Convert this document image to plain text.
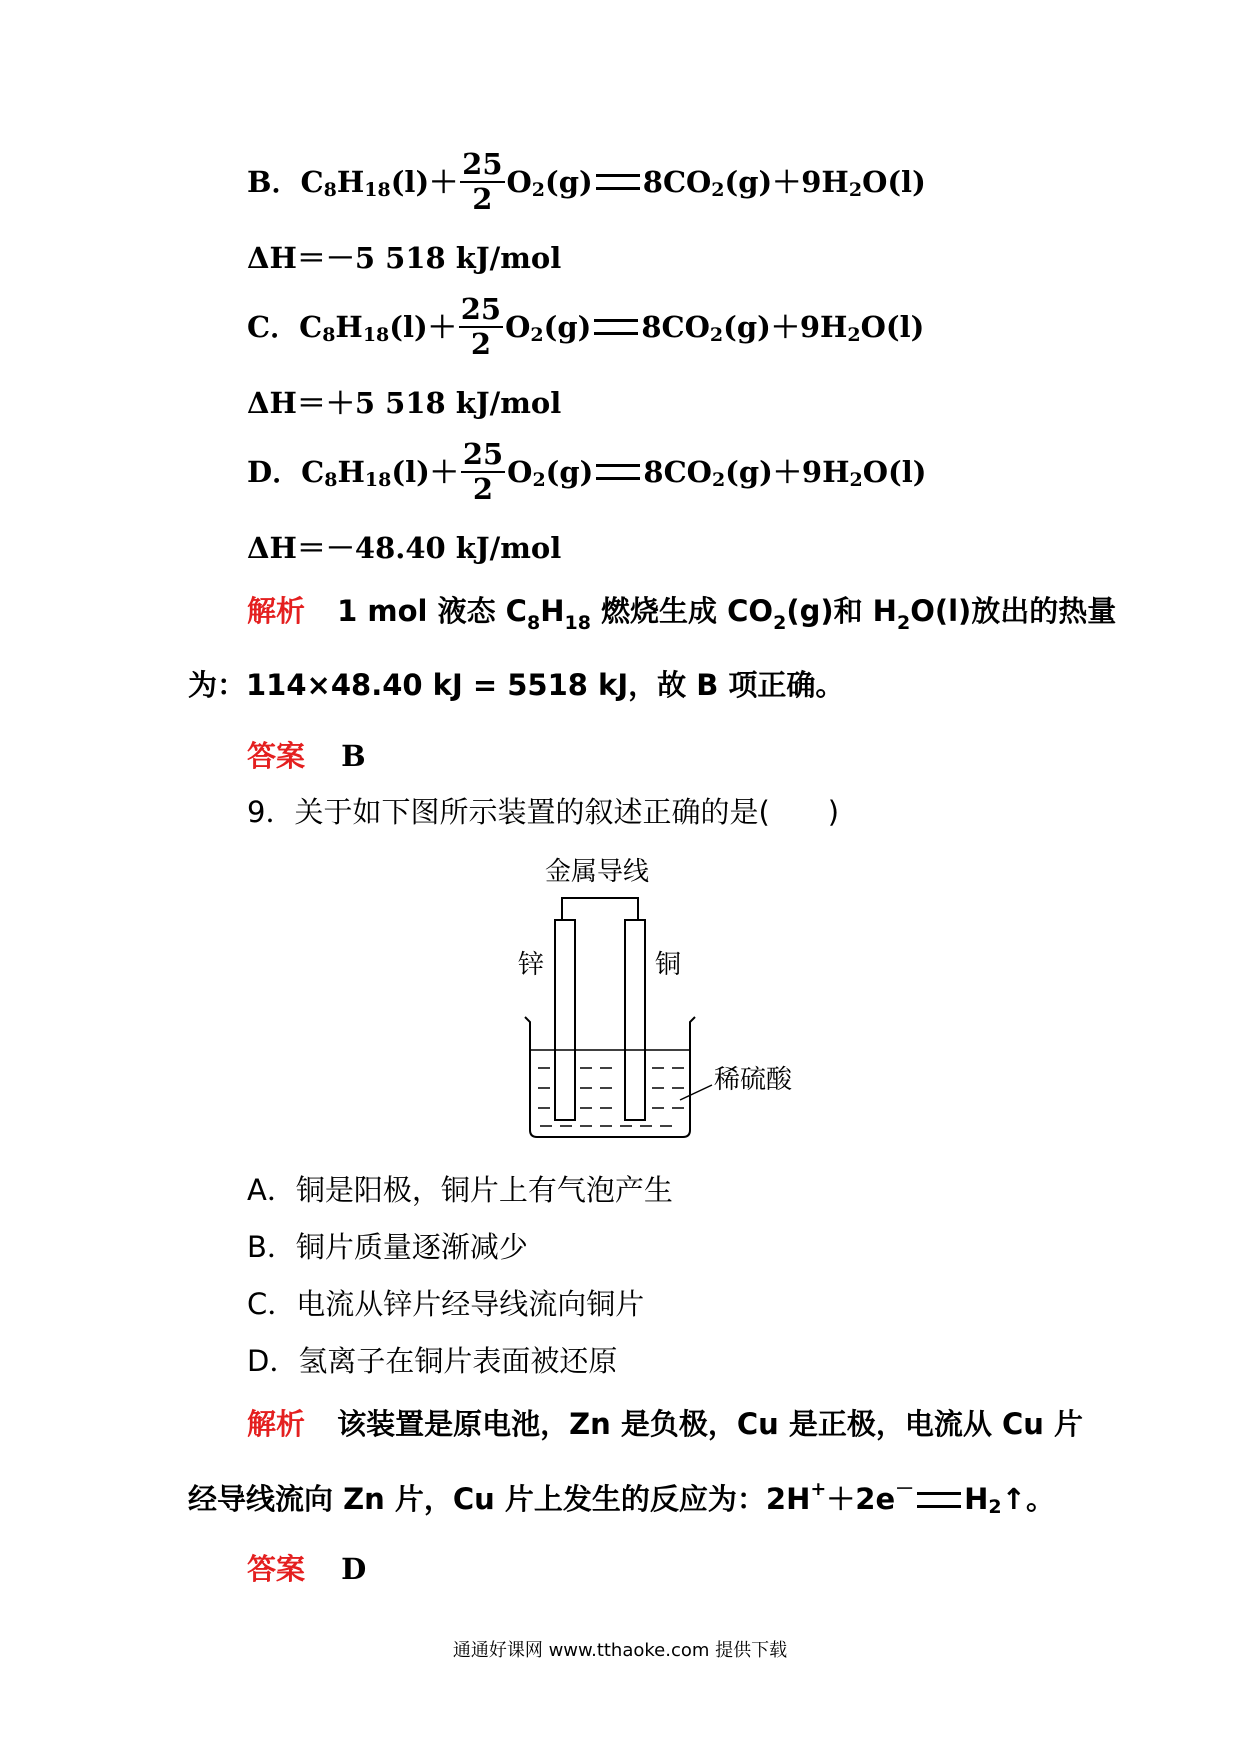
B． C 8 H 18 $(l)+ \frac{25}{2}$ O 2 (g) 8CO 2 (g)＋9H 2 O(l)
ΔH＝－5 518 kJ/mol
C． C 8 H 18 $(l)+ \frac{25}{2}$ O 2 (g) 8CO 2 (g)＋9H 2 O(l)
ΔH＝＋5 518 kJ/mol
D． C 8 H 18 $(l)+ \frac{25}{2}$ O 2 (g) 8CO 2 (g)＋9H 2 O(l)
ΔH＝－48.40 kJ/mol
解析 1 mol 液态 $C_8H_{18}$ 燃烧生成 $CO_2(g)$和 $H_2O(l)$放出的热量
为：114×48.40 kJ = 5518 kJ，故 B 项正确。
答案 B
9．关于如下图所示装置的叙述正确的是(　　)
金属导线
锌	铜
稀硫酸
A．铜是阳极，铜片上有气泡产生
B．铜片质量逐渐减少
C．电流从锌片经导线流向铜片
D．氢离子在铜片表面被还原
解析 该装置是原电池，Zn 是负极，Cu 是正极，电流从 Cu 片
经导线流向 Zn 片，Cu 片上发生的反应为：2H + ＋2e － H 2 ↑。
答案 D
通通好课网 www.tthaoke.com 提供下载
